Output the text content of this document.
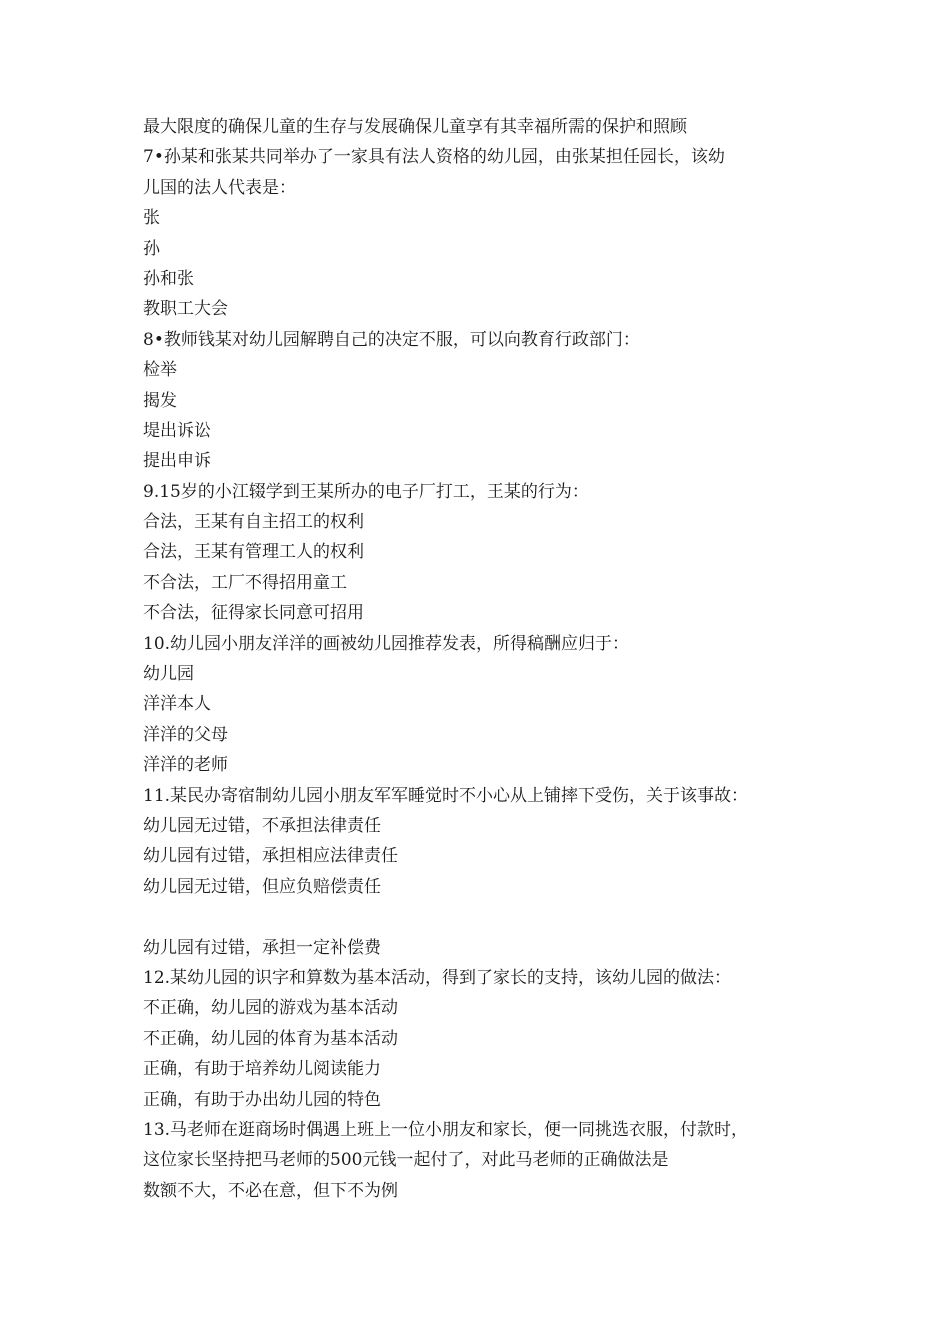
最大限度的确保儿童的生存与发展确保儿童享有其幸福所需的保护和照顾
7•孙某和张某共同举办了一家具有法人资格的幼儿园，由张某担任园长，该幼
儿国的法人代表是：
张
孙
孙和张
教职工大会
8•教师钱某对幼儿园解聘自己的决定不服，可以向教育行政部门：
检举
揭发
堤出诉讼
提出申诉
9.15岁的小江辍学到王某所办的电子厂打工，王某的行为：
合法，王某有自主招工的权利
合法，王某有管理工人的权利
不合法，工厂不得招用童工
不合法，征得家长同意可招用
10.幼儿园小朋友洋洋的画被幼儿园推荐发表，所得稿酬应归于：
幼儿园
洋洋本人
洋洋的父母
洋洋的老师
11.某民办寄宿制幼儿园小朋友军军睡觉时不小心从上铺摔下受伤，关于该事故：
幼儿园无过错，不承担法律责任
幼儿园有过错，承担相应法律责任
幼儿园无过错，但应负赔偿责任
幼儿园有过错，承担一定补偿费
12.某幼儿园的识字和算数为基本活动，得到了家长的支持，该幼儿园的做法：
不正确，幼儿园的游戏为基本活动
不正确，幼儿园的体育为基本活动
正确，有助于培养幼儿阅读能力
正确，有助于办出幼儿园的特色
13.马老师在逛商场时偶遇上班上一位小朋友和家长，便一同挑选衣服，付款时，
这位家长坚持把马老师的500元钱一起付了，对此马老师的正确做法是
数额不大，不必在意，但下不为例
